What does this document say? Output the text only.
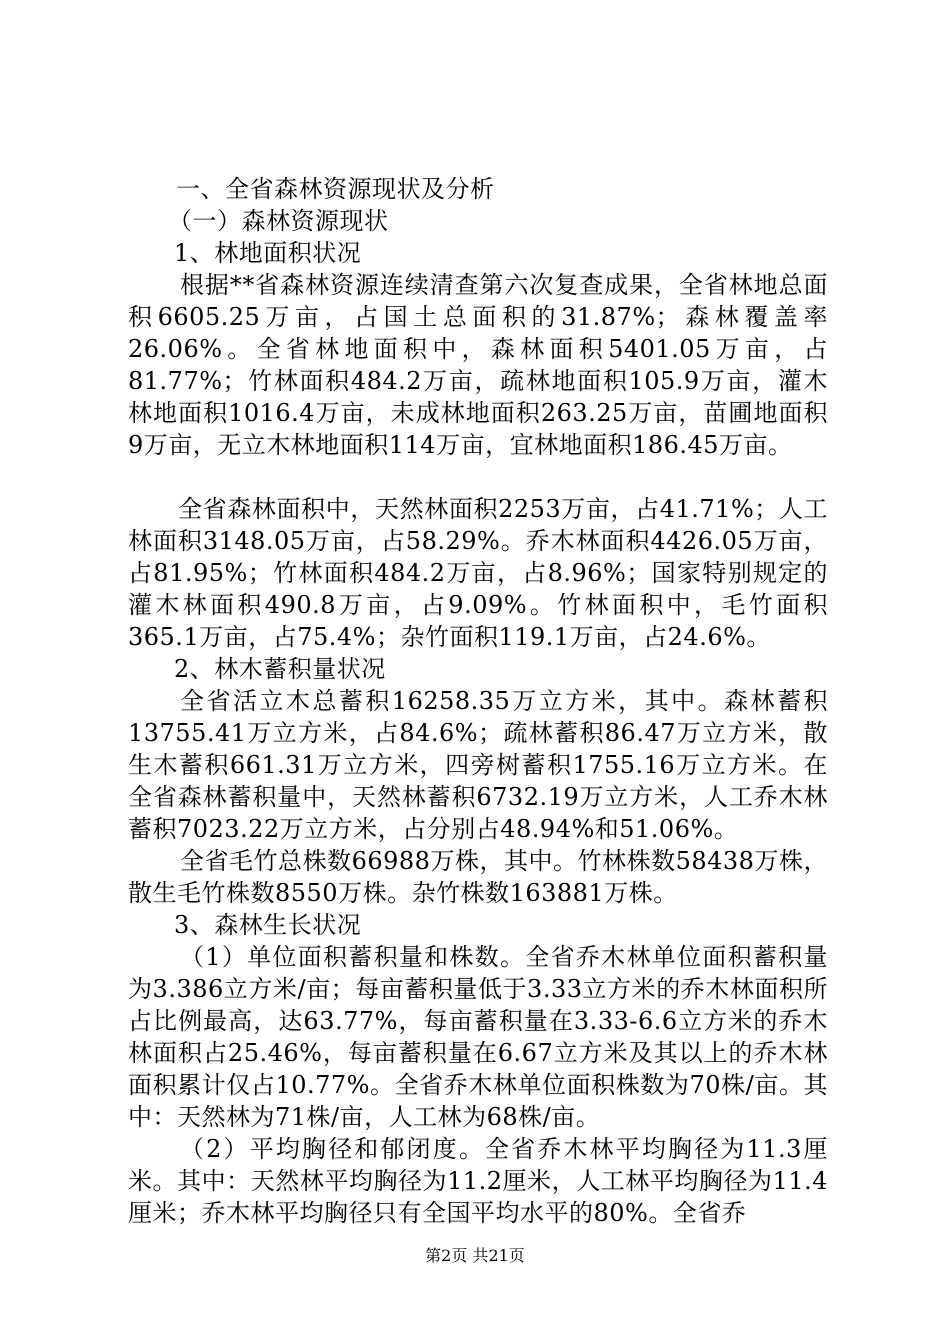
一、全省森林资源现状及分析

（一）森林资源现状

1、林地面积状况

根据**省森林资源连续清查第六次复查成果，全省林地总面积6605.25万亩，占国土总面积的31.87%；森林覆盖率26.06%。全省林地面积中，森林面积5401.05万亩，占81.77%；竹林面积484.2万亩，疏林地面积105.9万亩，灌木林地面积1016.4万亩，未成林地面积263.25万亩，苗圃地面积9万亩，无立木林地面积114万亩，宜林地面积186.45万亩。

全省森林面积中，天然林面积2253万亩，占41.71%；人工林面积3148.05万亩，占58.29%。乔木林面积4426.05万亩，占81.95%；竹林面积484.2万亩，占8.96%；国家特别规定的灌木林面积490.8万亩，占9.09%。竹林面积中，毛竹面积365.1万亩，占75.4%；杂竹面积119.1万亩，占24.6%。

2、林木蓄积量状况

全省活立木总蓄积16258.35万立方米，其中。森林蓄积13755.41万立方米，占84.6%；疏林蓄积86.47万立方米，散生木蓄积661.31万立方米，四旁树蓄积1755.16万立方米。在全省森林蓄积量中，天然林蓄积6732.19万立方米，人工乔木林蓄积7023.22万立方米，占分别占48.94%和51.06%。

全省毛竹总株数66988万株，其中。竹林株数58438万株，散生毛竹株数8550万株。杂竹株数163881万株。

3、森林生长状况

（1）单位面积蓄积量和株数。全省乔木林单位面积蓄积量为3.386立方米/亩；每亩蓄积量低于3.33立方米的乔木林面积所占比例最高，达63.77%，每亩蓄积量在3.33-6.6立方米的乔木林面积占25.46%，每亩蓄积量在6.67立方米及其以上的乔木林面积累计仅占10.77%。全省乔木林单位面积株数为70株/亩。其中：天然林为71株/亩，人工林为68株/亩。

（2）平均胸径和郁闭度。全省乔木林平均胸径为11.3厘米。其中：天然林平均胸径为11.2厘米，人工林平均胸径为11.4厘米；乔木林平均胸径只有全国平均水平的80%。全省乔

第2页 共21页
